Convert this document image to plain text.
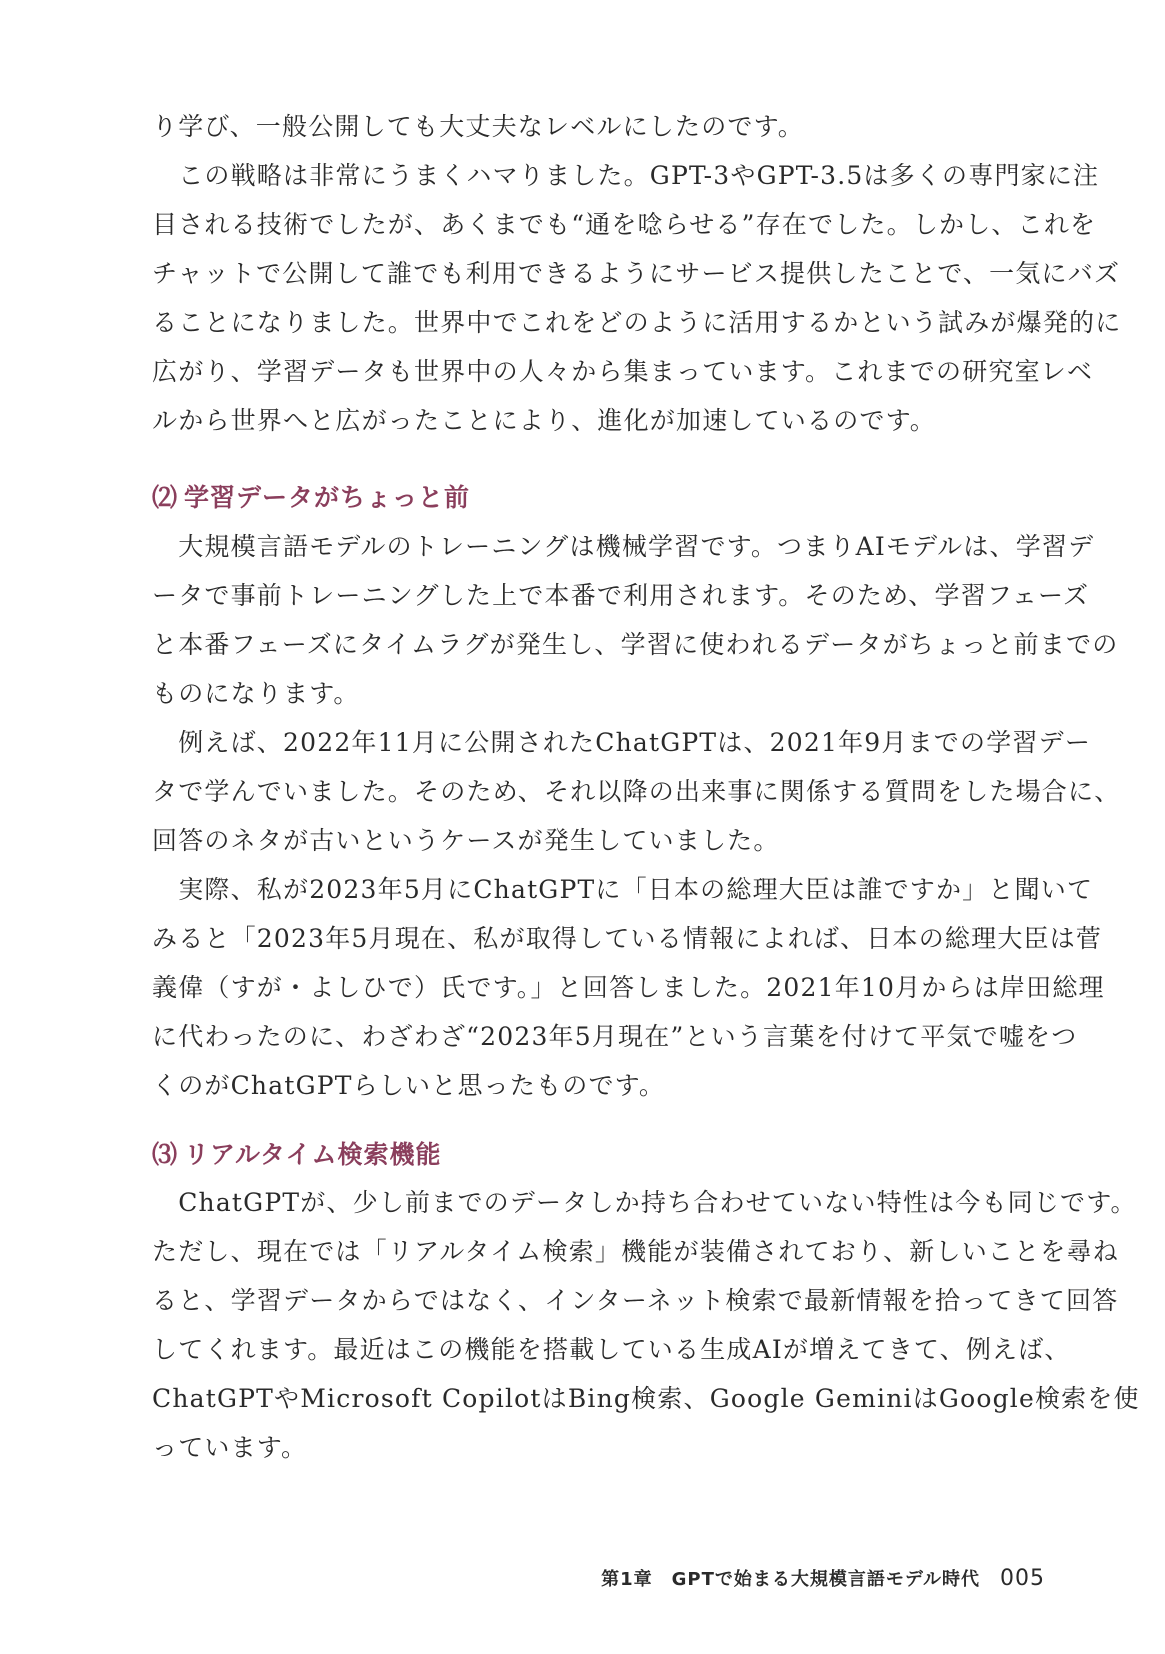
り学び、一般公開しても大丈夫なレベルにしたのです。
　この戦略は非常にうまくハマりました。GPT-3やGPT-3.5は多くの専門家に注
目される技術でしたが、あくまでも“通を唸らせる”存在でした。しかし、これを
チャットで公開して誰でも利用できるようにサービス提供したことで、一気にバズ
ることになりました。世界中でこれをどのように活用するかという試みが爆発的に
広がり、学習データも世界中の人々から集まっています。これまでの研究室レベ
ルから世界へと広がったことにより、進化が加速しているのです。
⑵ 学習データがちょっと前
　大規模言語モデルのトレーニングは機械学習です。つまりAIモデルは、学習デ
ータで事前トレーニングした上で本番で利用されます。そのため、学習フェーズ
と本番フェーズにタイムラグが発生し、学習に使われるデータがちょっと前までの
ものになります。
　例えば、2022年11月に公開されたChatGPTは、2021年9月までの学習デー
タで学んでいました。そのため、それ以降の出来事に関係する質問をした場合に、
回答のネタが古いというケースが発生していました。
　実際、私が2023年5月にChatGPTに「日本の総理大臣は誰ですか」と聞いて
みると「2023年5月現在、私が取得している情報によれば、日本の総理大臣は菅
義偉（すが・よしひで）氏です。」と回答しました。2021年10月からは岸田総理
に代わったのに、わざわざ“2023年5月現在”という言葉を付けて平気で嘘をつ
くのがChatGPTらしいと思ったものです。
⑶ リアルタイム検索機能
　ChatGPTが、少し前までのデータしか持ち合わせていない特性は今も同じです。
ただし、現在では「リアルタイム検索」機能が装備されており、新しいことを尋ね
ると、学習データからではなく、インターネット検索で最新情報を拾ってきて回答
してくれます。最近はこの機能を搭載している生成AIが増えてきて、例えば、
ChatGPTやMicrosoft CopilotはBing検索、Google GeminiはGoogle検索を使
っています。
第1章　GPTで始まる大規模言語モデル時代 005
